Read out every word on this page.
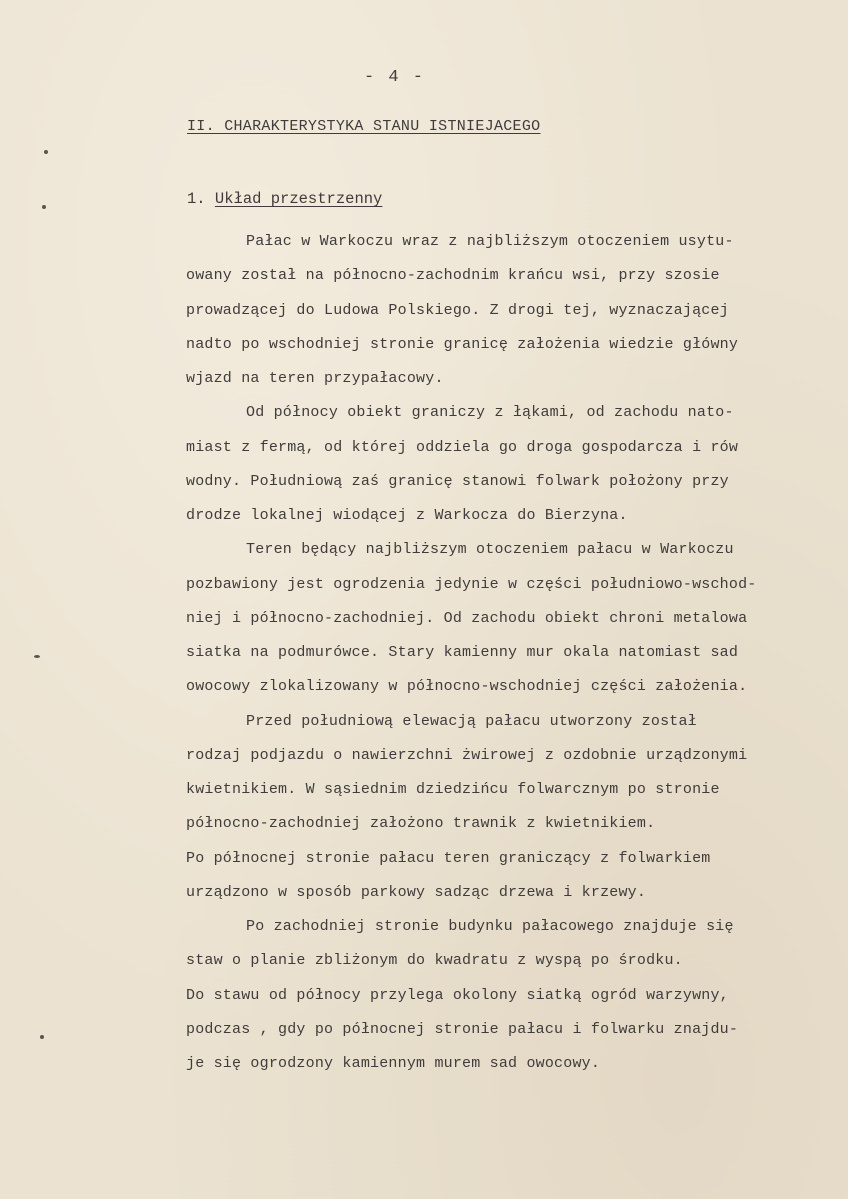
- 4 -
II. CHARAKTERYSTYKA STANU ISTNIEJACEGO
1. Układ przestrzenny
Pałac w Warkoczu wraz z najbliższym otoczeniem usytu-
owany został na północno-zachodnim krańcu wsi, przy szosie
prowadzącej do Ludowa Polskiego. Z drogi tej, wyznaczającej
nadto po wschodniej stronie granicę założenia wiedzie główny
wjazd na teren przypałacowy.
Od północy obiekt graniczy z łąkami, od zachodu nato-
miast z fermą, od której oddziela go droga gospodarcza i rów
wodny. Południową zaś granicę stanowi folwark położony przy
drodze lokalnej wiodącej z Warkocza do Bierzyna.
Teren będący najbliższym otoczeniem pałacu w Warkoczu
pozbawiony jest ogrodzenia jedynie w części południowo-wschod-
niej i północno-zachodniej. Od zachodu obiekt chroni metalowa
siatka na podmurówce. Stary kamienny mur okala natomiast sad
owocowy zlokalizowany w północno-wschodniej części założenia.
Przed południową elewacją pałacu utworzony został
rodzaj podjazdu o nawierzchni żwirowej z ozdobnie urządzonymi
kwietnikiem. W sąsiednim dziedzińcu folwarcznym po stronie
północno-zachodniej założono trawnik z kwietnikiem.
Po północnej stronie pałacu teren graniczący z folwarkiem
urządzono w sposób parkowy sadząc drzewa i krzewy.
Po zachodniej stronie budynku pałacowego znajduje się
staw o planie zbliżonym do kwadratu z wyspą po środku.
Do stawu od północy przylega okolony siatką ogród warzywny,
podczas , gdy po północnej stronie pałacu i folwarku znajdu-
je się ogrodzony kamiennym murem sad owocowy.
